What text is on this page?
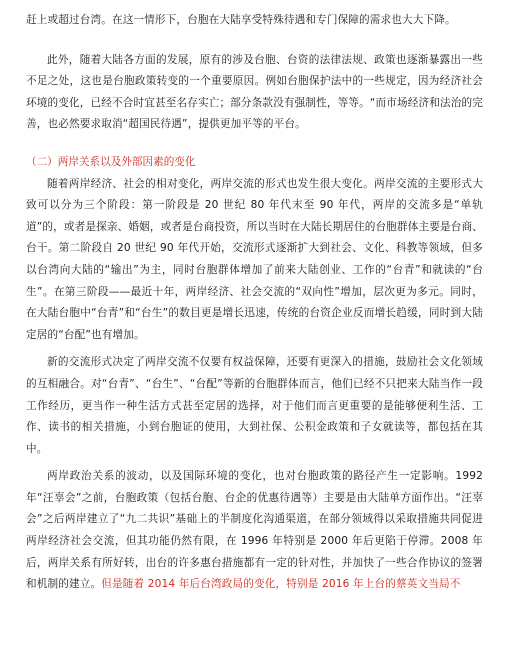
赶上或超过台湾。在这一情形下，台胞在大陆享受特殊待遇和专门保障的需求也大大下降。

此外，随着大陆各方面的发展，原有的涉及台胞、台资的法律法规、政策也逐渐暴露出一些不足之处，这也是台胞政策转变的一个重要原因。例如台胞保护法中的一些规定，因为经济社会环境的变化，已经不合时宜甚至名存实亡；部分条款没有强制性，等等。“而市场经济和法治的完善，也必然要求取消“超国民待遇”，提供更加平等的平台。

（二）两岸关系以及外部因素的变化

随着两岸经济、社会的相对变化，两岸交流的形式也发生很大变化。两岸交流的主要形式大致可以分为三个阶段：第一阶段是 20 世纪 80 年代末至 90 年代，两岸的交流多是“单轨道”的，或者是探亲、婚姻，或者是台商投资，所以当时在大陆长期居住的台胞群体主要是台商、台干。第二阶段自 20 世纪 90 年代开始，交流形式逐渐扩大到社会、文化、科教等领域，但多以台湾向大陆的“输出”为主，同时台胞群体增加了前来大陆创业、工作的“台青”和就读的“台生”。在第三阶段——最近十年，两岸经济、社会交流的“双向性”增加，层次更为多元。同时，在大陆台胞中“台青”和“台生”的数目更是增长迅速，传统的台资企业反而增长趋缓，同时到大陆定居的“台配”也有增加。

新的交流形式决定了两岸交流不仅要有权益保障，还要有更深入的措施，鼓励社会文化领域的互相融合。对“台青”、“台生”、“台配”等新的台胞群体而言，他们已经不只把来大陆当作一段工作经历，更当作一种生活方式甚至定居的选择，对于他们而言更重要的是能够便利生活、工作、读书的相关措施，小到台胞证的使用，大到社保、公积金政策和子女就读等，都包括在其中。

两岸政治关系的波动，以及国际环境的变化，也对台胞政策的路径产生一定影响。1992 年“汪辜会”之前，台胞政策（包括台胞、台企的优惠待遇等）主要是由大陆单方面作出。“汪辜会”之后两岸建立了“九二共识”基础上的半制度化沟通渠道，在部分领域得以采取措施共同促进两岸经济社会交流，但其功能仍然有限，在 1996 年特别是 2000 年后更陷于停滞。2008 年后，两岸关系有所好转，出台的许多惠台措施都有一定的针对性，并加快了一些合作协议的签署和机制的建立。但是随着 2014 年后台湾政局的变化，特别是 2016 年上台的蔡英文当局不
